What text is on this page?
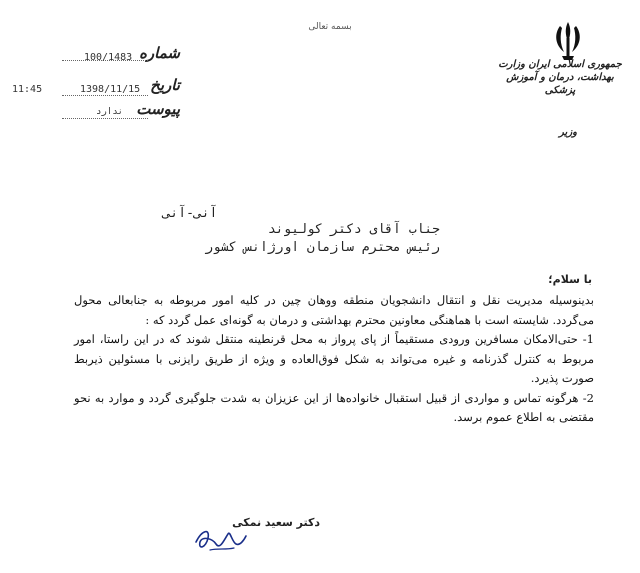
بسمه تعالی
جمهوری اسلامی ایران وزارت بهداشت، درمان و آموزش پزشکی
وزیر
شماره
100/1483
تاریخ
1398/11/15
11:45
پیوست
ندارد
آنی-آنی
جناب آقای دکتر کولیوند
رئیس محترم سازمان اورژانس کشور
با سلام؛

بدینوسیله مدیریت نقل و انتقال دانشجویان منطقه ووهان چین در کلیه امور مربوطه به جنابعالی محول می‌گردد. شایسته است با هماهنگی معاونین محترم بهداشتی و درمان به گونه‌ای عمل گردد که :

1- حتی‌الامکان مسافرین ورودی مستقیماً از پای پرواز به محل قرنطینه منتقل شوند که در این راستا، امور مربوط به کنترل گذرنامه و غیره می‌تواند به شکل فوق‌العاده و ویژه از طریق رایزنی با مسئولین ذیربط صورت پذیرد.

2- هرگونه تماس و مواردی از قبیل استقبال خانواده‌ها از این عزیزان به شدت جلوگیری گردد و موارد به نحو مقتضی به اطلاع عموم برسد.

دکتر سعید نمکی
